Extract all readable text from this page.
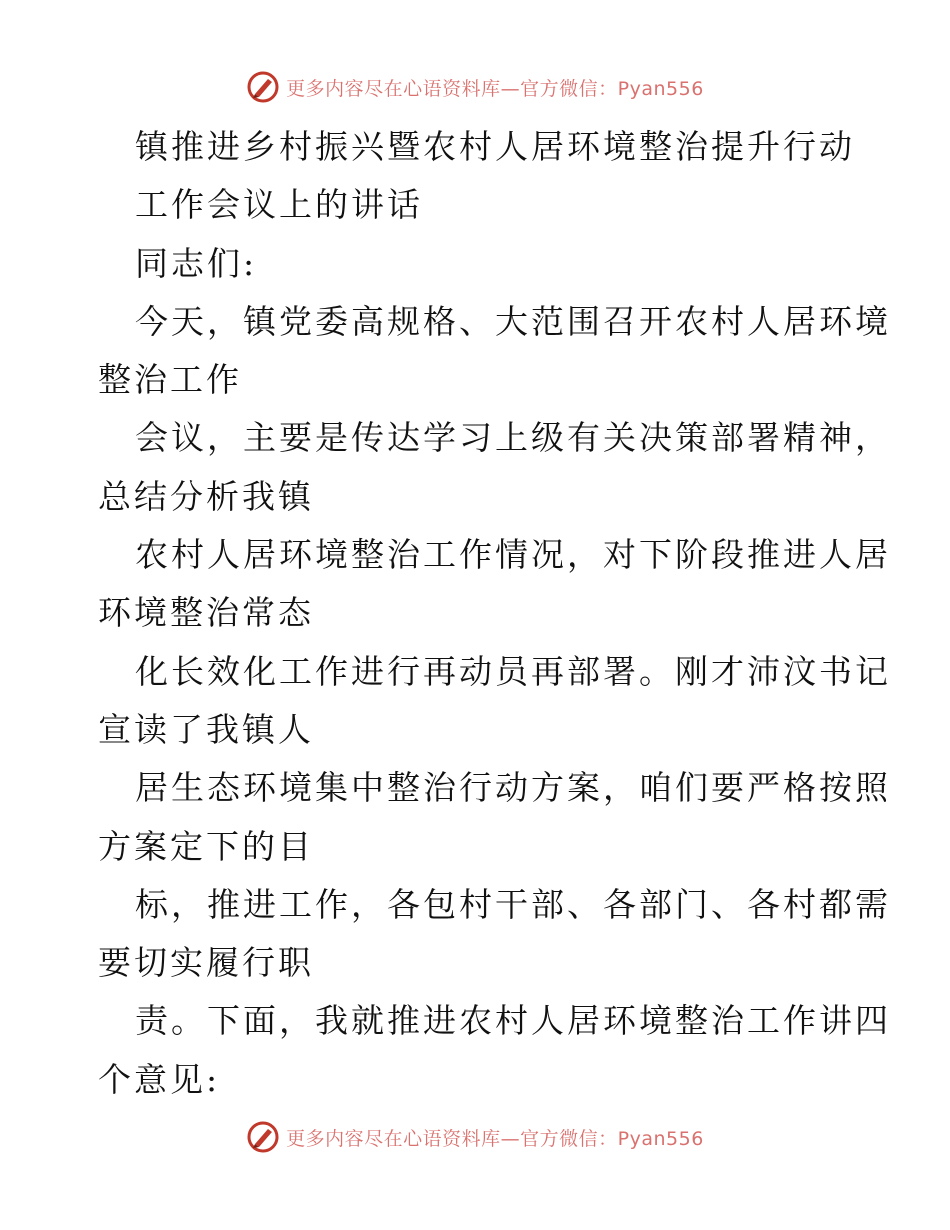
更多内容尽在心语资料库—官方微信：Pyan556
镇推进乡村振兴暨农村人居环境整治提升行动
工作会议上的讲话
同志们:
今天，镇党委高规格、大范围召开农村人居环境
整治工作
会议，主要是传达学习上级有关决策部署精神，
总结分析我镇
农村人居环境整治工作情况，对下阶段推进人居
环境整治常态
化长效化工作进行再动员再部署。刚才沛汶书记
宣读了我镇人
居生态环境集中整治行动方案，咱们要严格按照
方案定下的目
标，推进工作，各包村干部、各部门、各村都需
要切实履行职
责。下面，我就推进农村人居环境整治工作讲四
个意见:
更多内容尽在心语资料库—官方微信：Pyan556
